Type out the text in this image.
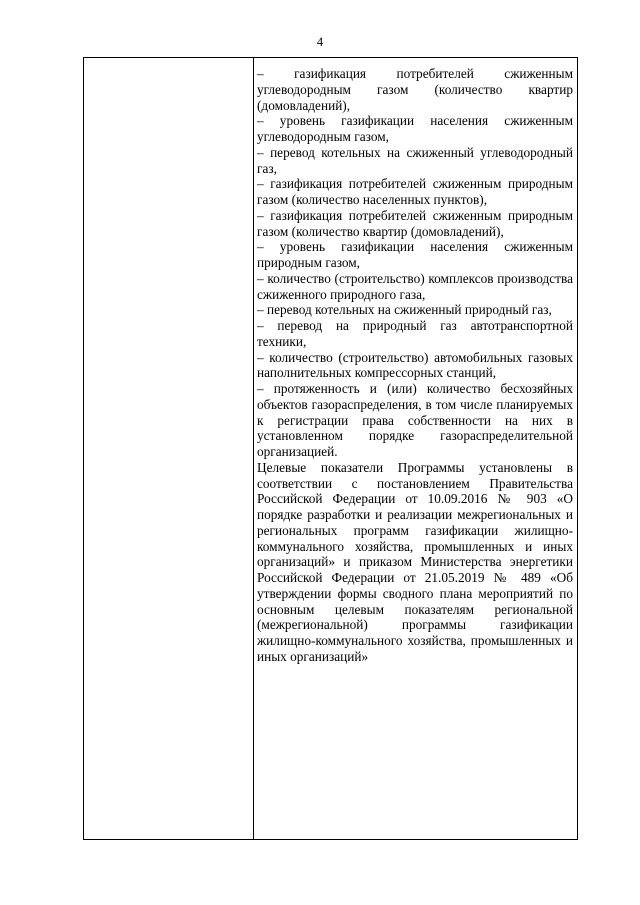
4

– газификация потребителей сжиженным углеводородным газом (количество квартир (домовладений),

– уровень газификации населения сжиженным углеводородным газом,

– перевод котельных на сжиженный углеводородный газ,

– газификация потребителей сжиженным природным газом (количество населенных пунктов),

– газификация потребителей сжиженным природным газом (количество квартир (домовладений),

– уровень газификации населения сжиженным природным газом,

– количество (строительство) комплексов производства сжиженного природного газа,

– перевод котельных на сжиженный природный газ,

– перевод на природный газ автотранспортной техники,

– количество (строительство) автомобильных газовых наполнительных компрессорных станций,

– протяженность и (или) количество бесхозяйных объектов газораспределения, в том числе планируемых к регистрации права собственности на них в установленном порядке газораспределительной организацией.

Целевые показатели Программы установлены в соответствии с постановлением Правительства Российской Федерации от 10.09.2016 № 903 «О порядке разработки и реализации межрегиональных и региональных программ газификации жилищно-коммунального хозяйства, промышленных и иных организаций» и приказом Министерства энергетики Российской Федерации от 21.05.2019 № 489 «Об утверждении формы сводного плана мероприятий по основным целевым показателям региональной (межрегиональной) программы газификации жилищно-коммунального хозяйства, промышленных и иных организаций»
